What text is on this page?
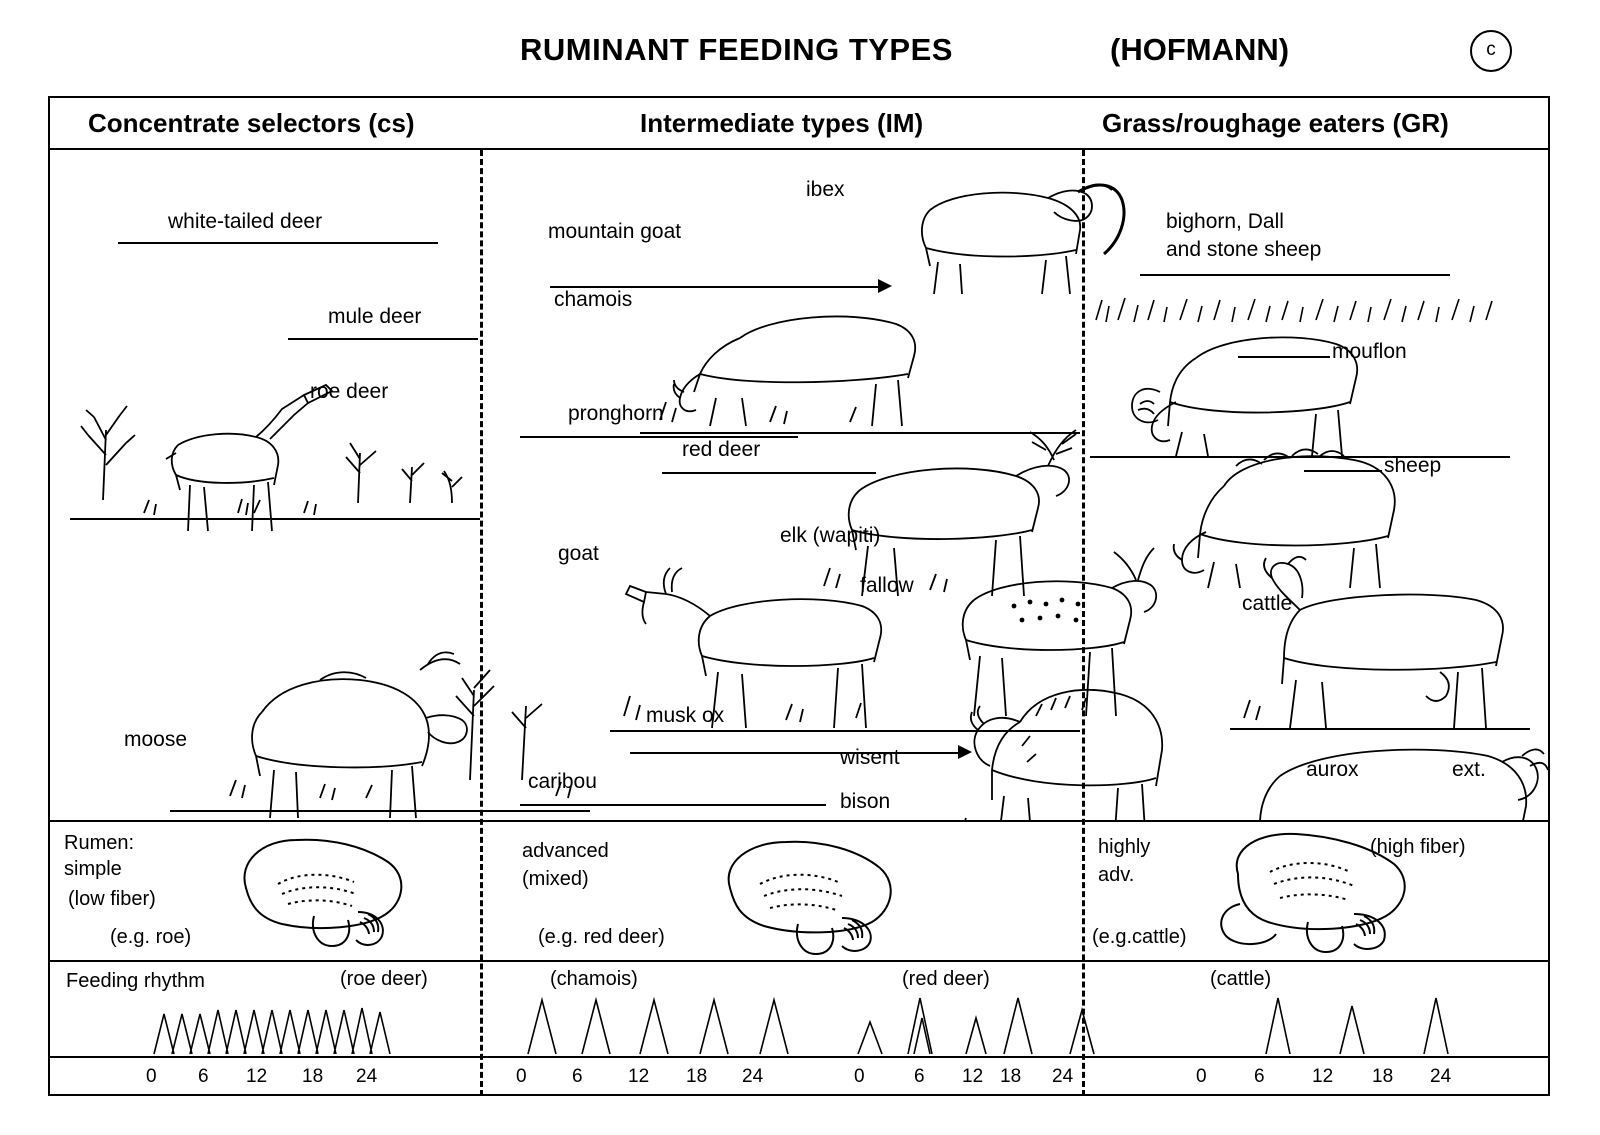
RUMINANT FEEDING TYPES	(HOFMANN)	c
Concentrate selectors (cs)	Intermediate types (IM)	Grass/roughage eaters (GR)
white-tailed deer
mule deer
roe deer
moose
mountain goat
ibex
chamois
pronghorn
red deer
elk (wapiti)
goat
fallow
musk ox
wisent
bison
caribou
bighorn, Dall
and stone sheep
mouflon
sheep
cattle
aurox	ext.
Rumen:
simple
(low fiber)
(e.g. roe)
advanced
(mixed)
(e.g. red deer)
highly
adv.
(high fiber)
(e.g.cattle)
Feeding rhythm	(roe deer)	(chamois)	(red deer)	(cattle)
0 6 12 18 24	0 6 12 18 24	0	6 12 18 24	0 6 12 18 24
